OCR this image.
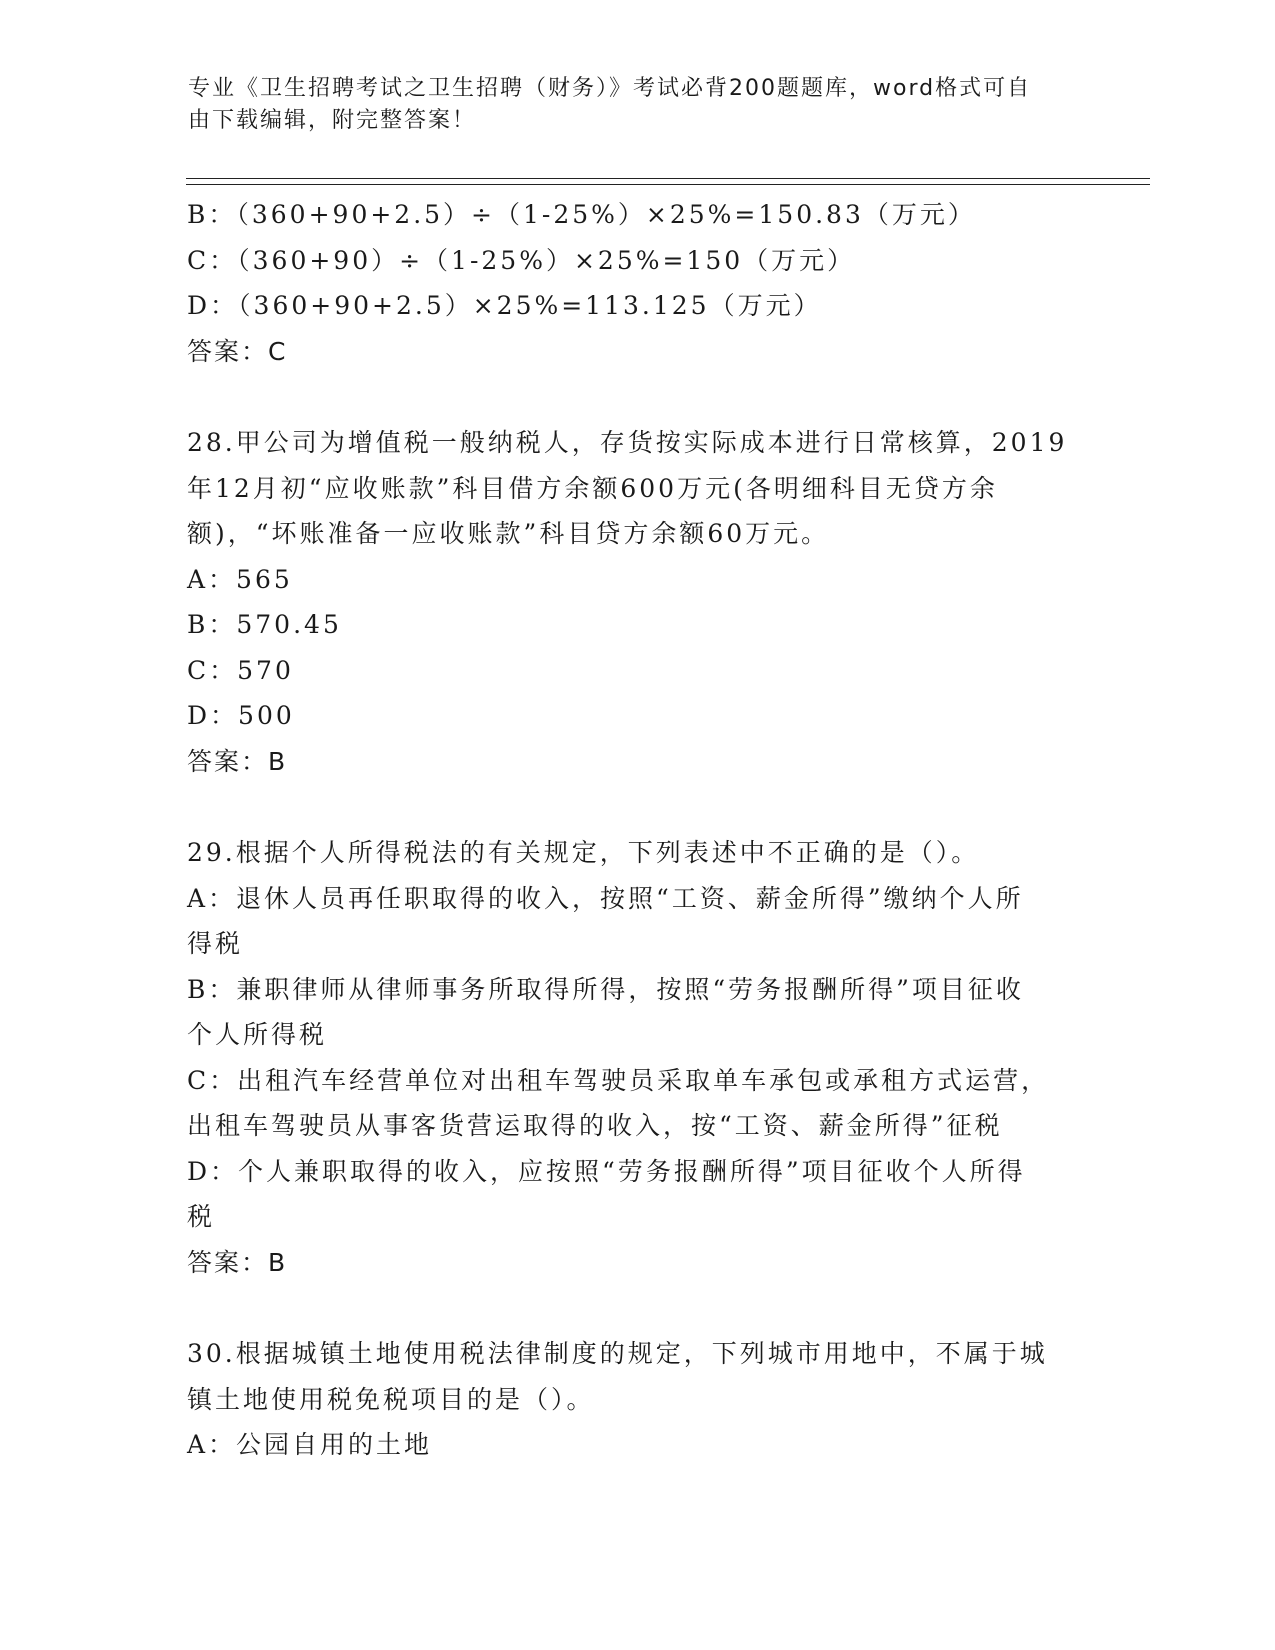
专业《卫生招聘考试之卫生招聘（财务）》考试必背200题题库，word格式可自
由下载编辑，附完整答案！
B：（360+90+2.5）÷（1-25%）×25%=150.83（万元）
C：（360+90）÷（1-25%）×25%=150（万元）
D：（360+90+2.5）×25%=113.125（万元）
答案：C
28.甲公司为增值税一般纳税人，存货按实际成本进行日常核算，2019
年12月初“应收账款”科目借方余额600万元(各明细科目无贷方余
额)，“坏账准备一应收账款”科目贷方余额60万元。
A：565
B：570.45
C：570
D：500
答案：B
29.根据个人所得税法的有关规定，下列表述中不正确的是（）。
A：退休人员再任职取得的收入，按照“工资、薪金所得”缴纳个人所
得税
B：兼职律师从律师事务所取得所得，按照“劳务报酬所得”项目征收
个人所得税
C：出租汽车经营单位对出租车驾驶员采取单车承包或承租方式运营，
出租车驾驶员从事客货营运取得的收入，按“工资、薪金所得”征税
D：个人兼职取得的收入，应按照“劳务报酬所得”项目征收个人所得
税
答案：B
30.根据城镇土地使用税法律制度的规定，下列城市用地中，不属于城
镇土地使用税免税项目的是（）。
A：公园自用的土地
